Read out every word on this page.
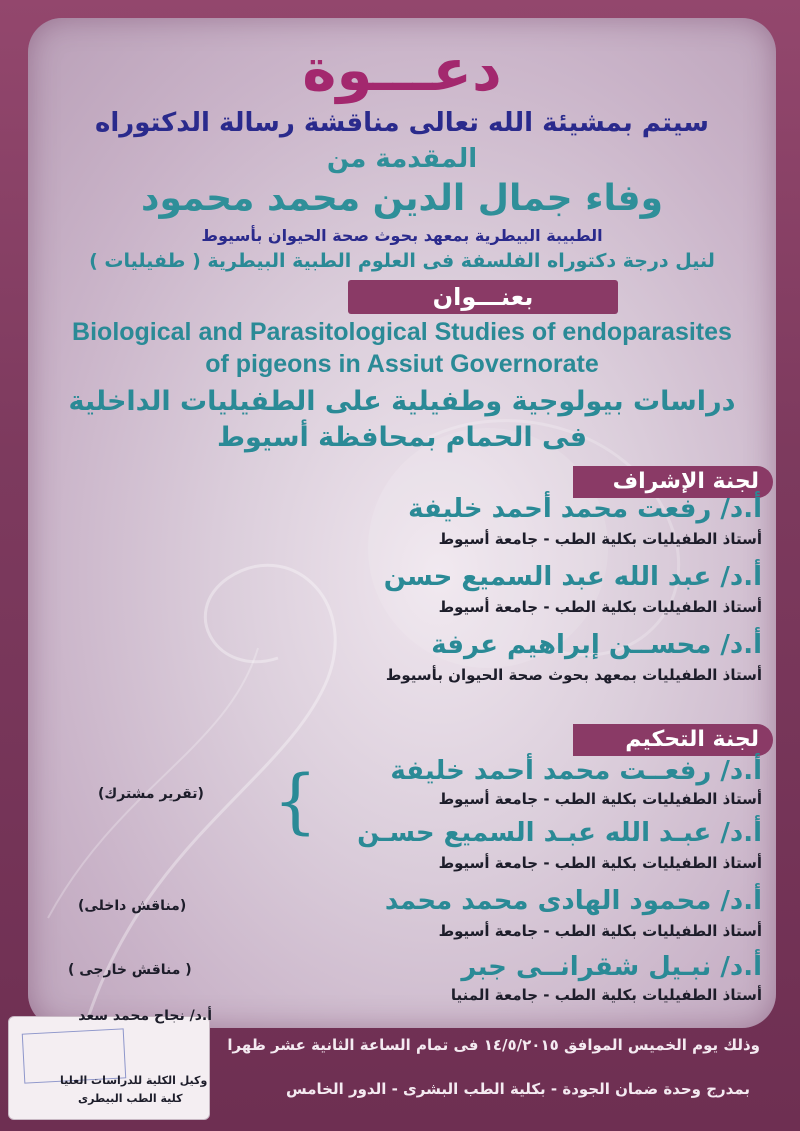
دعـــوة
سيتم بمشيئة الله تعالى مناقشة رسالة الدكتوراه
المقدمة من
وفاء جمال الدين محمد محمود
الطبيبة البيطرية بمعهد بحوث صحة الحيوان بأسيوط
لنيل درجة دكتوراه الفلسفة فى العلوم الطبية البيطرية ( طفيليات )
بعنـــوان
Biological and Parasitological Studies of endoparasites
of pigeons in Assiut Governorate
دراسات بيولوجية وطفيلية على الطفيليات الداخلية
فى الحمام بمحافظة أسيوط
لجنة الإشراف
أ.د/ رفعت محمد أحمد خليفة
أستاذ الطفيليات بكلية الطب - جامعة أسيوط
أ.د/ عبد الله عبد السميع حسن
أستاذ الطفيليات بكلية الطب - جامعة أسيوط
أ.د/ محســن إبراهيم عرفة
أستاذ الطفيليات بمعهد بحوث صحة الحيوان بأسيوط
لجنة التحكيم
أ.د/ رفعــت محمد أحمد خليفة
أستاذ الطفيليات بكلية الطب - جامعة أسيوط
أ.د/ عبـد الله عبـد السميع حسـن
أستاذ الطفيليات بكلية الطب - جامعة أسيوط
{
(تقرير مشترك)
أ.د/ محمود الهادى محمد محمد
أستاذ الطفيليات بكلية الطب - جامعة أسيوط
(مناقش داخلى)
أ.د/ نبـيل شقرانــى جبر
أستاذ الطفيليات بكلية الطب - جامعة المنيا
( مناقش خارجى )
أ.د/ نجاح محمد سعد
وكيل الكلية للدراسات العليا
كلية الطب البيطرى
وذلك يوم الخميس الموافق ١٤/٥/٢٠١٥ فى تمام الساعة الثانية عشر ظهرا
بمدرج وحدة ضمان الجودة - بكلية الطب البشرى - الدور الخامس
